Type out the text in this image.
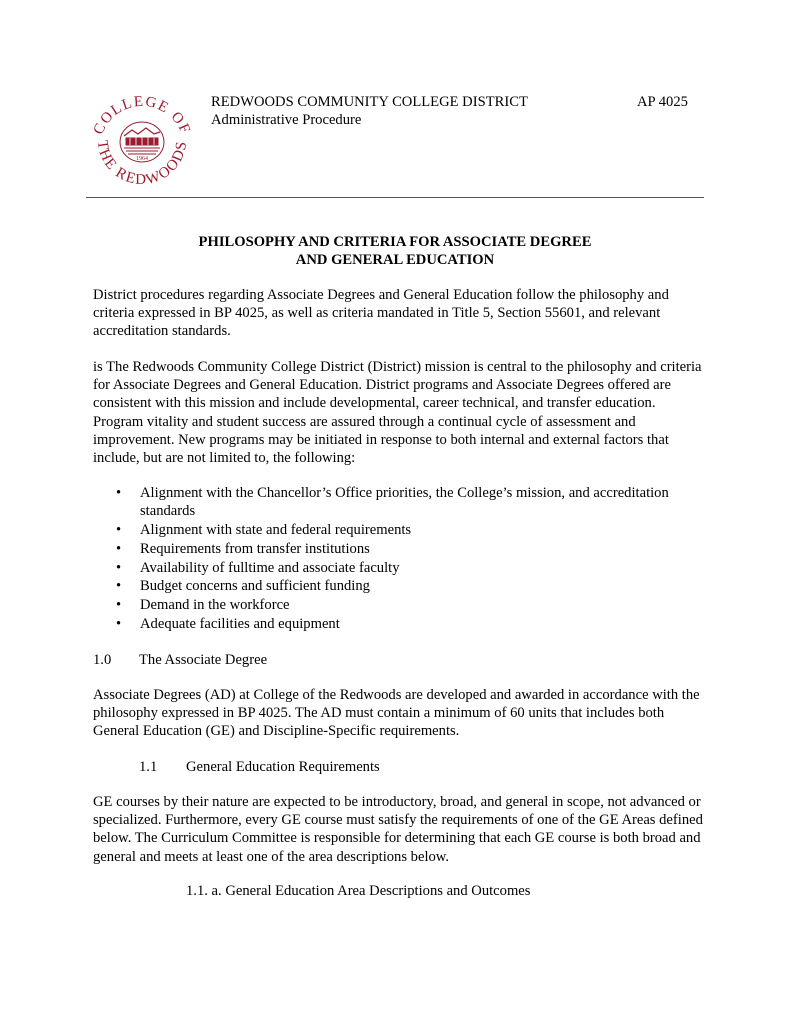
COLLEGE OF
THE REDWOODS
1964
REDWOODS COMMUNITY COLLEGE DISTRICT	AP 4025
Administrative Procedure
PHILOSOPHY AND CRITERIA FOR ASSOCIATE DEGREE
AND GENERAL EDUCATION
District procedures regarding Associate Degrees and General Education follow the philosophy and criteria expressed in BP 4025, as well as criteria mandated in Title 5, Section 55601, and relevant accreditation standards.
is The Redwoods Community College District (District) mission is central to the philosophy and criteria for Associate Degrees and General Education. District programs and Associate Degrees offered are consistent with this mission and include developmental, career technical, and transfer education. Program vitality and student success are assured through a continual cycle of assessment and improvement. New programs may be initiated in response to both internal and external factors that include, but are not limited to, the following:
• Alignment with the Chancellor’s Office priorities, the College’s mission, and accreditation standards
• Alignment with state and federal requirements
• Requirements from transfer institutions
• Availability of fulltime and associate faculty
• Budget concerns and sufficient funding
• Demand in the workforce
• Adequate facilities and equipment
1.0 The Associate Degree
Associate Degrees (AD) at College of the Redwoods are developed and awarded in accordance with the philosophy expressed in BP 4025. The AD must contain a minimum of 60 units that includes both General Education (GE) and Discipline-Specific requirements.
1.1 General Education Requirements
GE courses by their nature are expected to be introductory, broad, and general in scope, not advanced or specialized. Furthermore, every GE course must satisfy the requirements of one of the GE Areas defined below. The Curriculum Committee is responsible for determining that each GE course is both broad and general and meets at least one of the area descriptions below.
1.1. a. General Education Area Descriptions and Outcomes
